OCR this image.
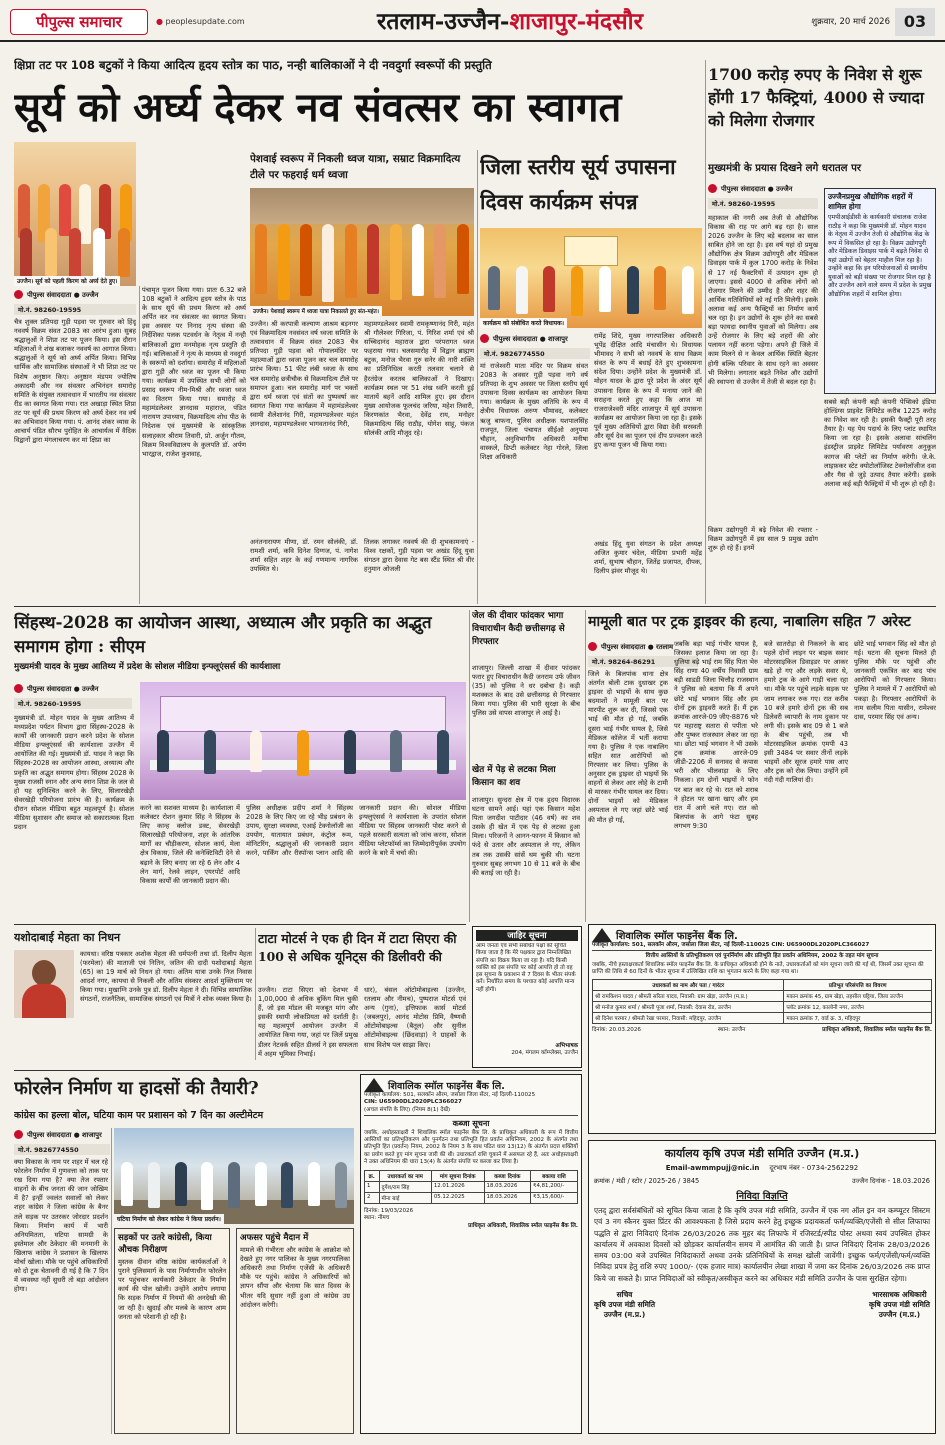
पीपुल्स समाचार	● peoplesupdate.com	रतलाम-उज्जैन-शाजापुर-मंदसौर	शुक्रवार, 20 मार्च 2026 03
क्षिप्रा तट पर 108 बटुकों ने किया आदित्य हृदय स्तोत्र का पाठ, नन्ही बालिकाओं ने दी नवदुर्गा स्वरूपों की प्रस्तुति
सूर्य को अर्घ्य देकर नव संवत्सर का स्वागत
उज्जैन। सूर्य को पहली किरण को अर्घ्य देते हुए।
पीपुल्स संवाददाता ● उज्जैन
मो.नं. 98260-19595
चैत्र शुक्ल प्रतिपदा गुड़ी पड़वा पर गुरुवार को हिंदू नववर्ष विक्रम संवत 2083 का आरंभ हुआ। सुबह श्रद्धालुओं ने शिप्रा तट पर पूजन किया। इस दौरान महिलाओं ने शंख बजाकर नववर्ष का आगाज किया। श्रद्धालुओं ने सूर्य को अर्घ्य अर्पित किया। विभिन्न धार्मिक और सामाजिक संस्थाओं ने भी शिप्रा तट पर विशेष अनुष्ठान किए। अनुष्ठान मंडपम ज्योतिष अकादमी और नव संवत्सर अभिनंदन समारोह समिति के संयुक्त तत्वावधान में भारतीय नव संवत्सर रीड का स्वागत किया गया। रात अखाड़ा स्थित शिप्रा तट पर सूर्य की प्रथम किरण को अर्घ्य देकर नव वर्ष का अभिवादन किया गया। पं. आनंद शंकर व्यास के आचार्य पंडित सौरभ पुरोहित के आचार्यत्व में वैदिक विद्वानों द्वारा मंगलाचरण कर मां क्षिप्रा का
पंचामृत पूजन किया गया। प्रातः 6.32 बजे 108 बटुकों ने आदित्य हृदय स्तोत्र के पाठ के साथ सूर्य की प्रथम किरण को अर्घ्य अर्पित कर नव संवत्सर का स्वागत किया। इस अवसर पर निनाद नृत्य संस्था की निर्देशिका पलक पटवर्धन के नेतृत्व में नन्ही बालिकाओं द्वारा मनमोहक नृत्य प्रस्तुति दी गई। बालिकाओं ने नृत्य के माध्यम से नवदुर्गा के स्वरूपों को दर्शाया। समारोह में महिलाओं द्वारा गुड़ी और ध्वज का पूजन भी किया गया। कार्यक्रम में उपस्थित सभी लोगों को प्रसाद स्वरूप नीम-मिश्री और ध्वजा ध्वज का वितरण किया गया। समारोह में महामंडलेश्वर ज्ञानदास महाराज, पंडित नारायण उपाध्याय, विक्रमादित्य शोध पीठ के निदेशक एवं मुख्यमंत्री के सांस्कृतिक सलाहकार श्रीराम तिवारी, प्रो. अर्जुन गौतम, विक्रम विश्वविद्यालय के कुलपति डॉ. अर्पण भारद्वाज, राजेश कुशवाह,
पेशवाई स्वरूप में निकली ध्वज यात्रा, सम्राट विक्रमादित्य टीले पर फहराई धर्म ध्वजा
उज्जैन। पेशवाई स्वरूप में ध्वजा यात्रा निकालते हुए संत-महंत।
उज्जैन। श्री करपात्री कल्याण आश्रम बड़नगर एवं विक्रमादित्य नवसंवत वर्ष ध्वजा समिति के तत्वावधान में विक्रम संवत 2083 चैत्र प्रतिपदा गुड़ी पड़वा को गोपालमंदिर पर महात्माओं द्वारा ध्वजा पूजन कर चल समारोह प्रारंभ किया। 51 फीट लंबी ध्वजा के साथ चल समारोह छत्रीचौक से विक्रमादित्य टीले पर समापन हुआ। चल समारोह मार्ग पर भक्तों द्वारा धर्म ध्वजा एवं संतों का पुष्पवर्षा कर स्वागत किया गया कार्यक्रम में महामंडलेश्वर स्वामी शैलेशानंद गिरी, महामण्डलेश्वर महंत ज्ञानदास, महामण्डलेश्वर भागवतानंद गिरी,
महामण्डलेश्वर स्वामी रामकृष्णानंद गिरी, महंत श्री गौलेश्वर गिरिजा, पं. गिरिश शर्मा एवं श्री सच्चिदानंद महाराज द्वारा परंपरागत ध्वज फहराया गया। चलसमारोह में विद्वान ब्राह्मण बटुक, मनोज भैरवा गुरु सनेर की नारी शक्ति का प्रतिनिधित्व करती तलवार चलाने से हैरतंग्रेज करतब बालिकाओं ने दिखाए। कार्यक्रम स्थल पर 51 शंख ध्वनि करती हुई मातायें बहनें आदि शामिल हुए। इस दौरान मुख्य आयोजक फूलचंद जरिया, महेश तिवारी, किरणकांत भैरवा, देवेंद्र राय, मनोहर विक्रमादित्य सिंह राठौड़, योगेश साहू, पंकज सोलंकी आदि मौजूद रहे।
अनंतनारायण मीणा, डॉ. रमन सोलंकी, डॉ. रामशी शर्मा, कवि दिनेश दिग्गज, पं. नागेश शर्मा सहित शहर के कई गणमान्य नागरिक उपस्थित थे।
तिलक लगाकर नववर्ष की दी शुभकामनाएं - विश्व रक्षकों, गुड़ी पड़वा पर अखंड हिंदू युवा संगठन द्वारा देवास गेट बस स्टैंड स्थित श्री वीर हनुमान ओजली
जिला स्तरीय सूर्य उपासना
दिवस कार्यक्रम संपन्न
कार्यक्रम को संबोधित करते विधायक।
पीपुल्स संवाददाता ● शाजापुर
मो.नं. 9826774550
मां राजेश्वरी माता मंदिर पर विक्रम संवत 2083 के अवसर गुड़ी पड़वा नागे वर्ष प्रतिपदा के शुभ अवसर पर जिला स्तरीय सूर्य उपासना दिवस कार्यक्रम का आयोजन किया गया। कार्यक्रम के मुख्य अतिथि के रूप में क्षेत्रीय विधायक अरुण भीमावद, कलेक्टर ऋजु बाफना, पुलिस अधीक्षक यशपालसिंह राजपूत, जिला पंचायत सीईओ अनुपमा चौहान, अनुविभागीय अधिकारी मनीषा वास्कले, डिप्टी कलेक्टर नेहा गोरले, जिला शिक्षा अधिकारी
रामेंद्र शिंदे, मुख्य नगरपालिका अधिकारी भूपेंद्र दीक्षित आदि मंचासीन थे। विधायक भीमावद ने सभी को नववर्ष के साथ विक्रम संवत के रूप में बधाई देते हुए शुभकामना संदेश दिया। उन्होंने प्रदेश के मुख्यमंत्री डॉ. मोहन यादव के द्वारा पूरे प्रदेश के अंदर सूर्य उपासना दिवस के रूप में मनाया जाने की सराहना करते हुए कहा कि आज मां राजराजेश्वरी मंदिर शाजापुर में सूर्य उपासना कार्यक्रम का आयोजन किया जा रहा है। इसके पूर्व मुख्य अतिथियों द्वारा विद्या देवी सरस्वती और सूर्य देव का पूजन एवं दीप प्रज्वलन करते हुए कन्या पूजन भी किया गया।
अखंड हिंदू युवा संगठन के प्रदेश अध्यक्ष अजित कुमार चंदेल, मीडिया प्रभारी महेंद्र शर्मा, सुभाष चौहान, जितेंद्र प्रजापत, दीपक, दिलीप झंवर मौजूद थे।
1700 करोड़ रुपए के निवेश से शुरू होंगी 17 फैक्ट्रियां, 4000 से ज्यादा को मिलेगा रोजगार
मुख्यमंत्री के प्रयास दिखने लगे धरातल पर
पीपुल्स संवाददाता ● उज्जैन
मो.नं. 98260-19595
उज्जैनप्रमुख औद्योगिक शहरों में शामिल होगा
एमपीआईडीसी के कार्यकारी संचालक राजेश राठौड़ ने कहा कि मुख्यमंत्री डॉ. मोहन यादव के नेतृत्व में उज्जैन तेजी से औद्योगिक केंद्र के रूप में विकसित हो रहा है। विक्रम उद्योगपुरी और मेडिकल डिवाइस पार्क में बढ़ते निवेश से यहां उद्योगों को बेहतर माहौल मिल रहा है। उन्होंने कहा कि इन परियोजनाओं से स्थानीय युवाओं को बड़ी संख्या पर रोजगार मिल रहा है और उज्जैन आने वाले समय में प्रदेश के प्रमुख औद्योगिक शहरों में शामिल होगा।
महाकाल की नगरी अब तेजी से औद्योगिक विकास की राह पर आगे बढ़ रहा है। साल 2026 उज्जैन के लिए बड़े बदलाव का साल साबित होने जा रहा है। इस वर्ष यहां दो प्रमुख औद्योगिक क्षेत्र विक्रम उद्योगपुरी और मेडिकल डिवाइस पार्क में कुल 1700 करोड़ के निवेश से 17 नई फैक्टरियों में उत्पादन शुरू हो जाएगा। इससे 4000 से अधिक लोगों को रोजगार मिलने की उम्मीद है और शहर की आर्थिक गतिविधियों को नई गति मिलेगी। इसके अलावा कई अन्य फैक्ट्रियों का निर्माण कार्य चल रहा है। इन उद्योगों के शुरू होने का सबसे बड़ा फायदा स्थानीय युवाओं को मिलेगा। अब उन्हें रोजगार के लिए बड़े शहरों की ओर पलायन नहीं करना पड़ेगा। अपने ही जिले में काम मिलने से न केवल आर्थिक स्थिति बेहतर होगी बल्कि परिवार के साथ रहने का अवसर भी मिलेगा। लगातार बढ़ते निवेश और उद्योगों की स्थापना से उज्जैन में तेजी से बदल रहा है।
सबसे बड़ी कंपनी बड़ी कंपनी पेप्सिको इंडिया होल्डिंग्स प्राइवेट लिमिटेड करीब 1225 करोड़ का निवेश कर रही है। इसकी फैक्ट्री पूरी तरह तैयार है। यह पेय पदार्थ के लिए प्लांट स्थापित किया जा रहा है। इसके अलावा सांचलिंग इंडस्ट्रीज प्राइवेट लिमिटेड पर्यावरण अनुकूल कागज की प्लेटों का निर्माण करेगी। जे.के. लाइफ़कर स्टेट क्योटोलॉजिस्ट टेक्नोलॉजीज दवा और गैस से जुड़े उत्पाद तैयार करेगी। इसके अलावा कई बड़ी फैक्ट्रियों में भी शुरू हो रही है।
विक्रम उद्योगपुरी में बढ़े निवेश की रफ्तार - विक्रम उद्योगपुरी में इस साल 9 प्रमुख उद्योग शुरू हो रहे हैं। इनमें
सिंहस्थ-2028 का आयोजन आस्था, अध्यात्म और प्रकृति का अद्भुत समागम होगा : सीएम
मुख्यमंत्री यादव के मुख्य आतिथ्य में प्रदेश के सोशल मीडिया इन्फ्लूएंसर्स की कार्यशाला
पीपुल्स संवाददाता ● उज्जैन
मो.नं. 98260-19595
मुख्यमंत्री डॉ. मोहन यादव के मुख्य आतिथ्य में मध्यप्रदेश पर्यटन विभाग द्वारा सिंहस्थ-2028 के कार्यों की जानकारी प्रदान करने प्रदेश के सोशल मीडिया इन्फ्लूएंसर्स की कार्यशाला उज्जैन में आयोजित की गई। मुख्यमंत्री डॉ. यादव ने कहा कि सिंहस्थ-2028 का आयोजन आस्था, अध्यात्म और प्रकृति का अद्भुत समागम होगा। सिंहस्थ 2028 के मुख्य राजसी स्नान और अन्य स्नान शिप्रा के जल से हो यह सुनिश्चित करने के लिए, सिलारखेड़ी सेवरखेड़ी परियोजना प्रारंभ की है। कार्यक्रम के दौरान सोशल मीडिया बहुत महत्वपूर्ण है। सोशल मीडिया सुशासन और समाज को सकारात्मक दिशा प्रदान
करने का सशक्त माध्यम है। कार्यशाला में कलेक्टर रोशन कुमार सिंह ने सिंहस्थ के लिए कान्ह क्लोज डक्ट, सेवरखेड़ी सिलारखेड़ी परियोजना, शहर के आंतरिक मार्गों का चौड़ीकरण, सोशल कार्य, मेला क्षेत्र विकास, जिले की कनेक्टिविटी देने से बढ़ाने के लिए बनाए जा रहे 6 लेन और 4 लेन मार्ग, रेलवे लाइन, एयरपोर्ट आदि विकास कार्यों की जानकारी प्रदान की।
पुलिस अधीक्षक प्रदीप शर्मा ने सिंहस्थ 2028 के लिए किए जा रहे भीड़ प्रबंधन के उपाय, सुरक्षा व्यवस्था, एआई टेक्नोलॉजी का उपयोग, यातायात प्रबंधन, कंट्रोल रूम, मॉनिटरिंग, श्रद्धालुओं की जानकारी प्रदान करने, पार्किंग और रीस्पॉन्स प्लान आदि की जानकारी प्रदान की। सोशल मीडिया इन्फ्लुएंसर्स ने कार्यशाला के उपरांत सोशल मीडिया पर सिंहस्थ जानकारी पोस्ट करने से पहले सरकारी सत्यता को जांच करना, सोशल मीडिया प्लेटफॉर्म्स का जिम्मेदारीपूर्वक उपयोग करने के बारे में चर्चा की।
जेल की दीवार फांदकर भागा विचाराधीन कैदी छत्तीसगढ़ से गिरफ्तार
शाजापुर। जिल्ली शाखा में दीवार फांदकर फरार हुए विचाराधीन कैदी जनराम उर्फ जीवन (35) को पुलिस ने धर दबोचा है। कड़ी मशक्कत के बाद उसे छत्तीसगढ़ से गिरफ्तार किया गया। पुलिस की भारी सुरक्षा के बीच पुलिस उसे वापस शाजापुर ले आई है।
खेत में पेड़ से लटका मिला किसान का शव
शाजापुर। सुन्दरा क्षेत्र में एक हृदय विदारक घटना सामने आई। यहां एक किसान महेश पिता जगदीश पाटीदार (46 वर्ष) का शव उसके ही खेत में एक पेड़ से लटका हुआ मिला। परिजनों ने आनन-फानन में किसान को फंदे से उतार और अस्पताल ले गए, लेकिन तब तक उसकी सांसें थम चुकी थी। घटना गुरुवार सुबह लगभग 10 से 11 बजे के बीच की बताई जा रही है।
मामूली बात पर ट्रक ड्राइवर की हत्या, नाबालिग सहित 7 अरेस्ट
पीपुल्स संवाददाता ● रतलाम
मो.नं. 98264-86291
जिले के बिलपांक थाना क्षेत्र अंतर्गत बोली टाक दुधाखर ट्रक ड्राइवर दो भाइयों के साथ कुछ बदमाशों ने मामूली बात पर मारपीट शुरू कर दी, जिससे एक भाई की मौत हो गई, जबकि दूसरा भाई गंभीर घायल है, जिसे मेडिकल कॉलेज में भर्ती कराया गया है। पुलिस ने एक नाबालिग सहित सात आरोपियों को गिरफ्तार कर लिया। पुलिस के अनुसार ट्रक ड्राइवर दो भाइयों कि वाहनों से लेकर आर लोहे के टामी से मारकर गंभीर घायल कर दिया। दोनों भाइयों को मेडिकल अस्पताल ले गए जहां छोटे भाई की मौत हो गई,
जबकि बड़ा भाई गंभीर घायल है, जिसका इलाज किया जा रहा है। धुलिया बढ़े भाई राम सिंह पिता भेरु सिंह राणा 40 वर्षीय निवासी ग्राम बड़ी साडडी जिला चित्तौड़ राजस्थान ने पुलिस को बताया कि मैं अपने छोटे भाई भगवान सिंह और हम दोनों ट्रक ड्राइवरी करते हैं। मैं ट्रक क्रमांक आरजे-09 जीए-8876 भरे पर महाराष्ट्र सतारा से पपीता भरे और पुष्कर राजस्थान लेकर जा रहा था। छोटा भाई भगवान ने भी उसके ट्रक क्रमांक आरजे-09 जीडी-2206 में सनावद से कपास भरी और भीलवाड़ा के लिए निकला। हम दोनों भाइयों ने फोन पर बात कर रहे थे। रात को शराब ने होटल पर खाना खाए और हम रात में आगे चले गए। रात को बिलपांक के आगे फंटा सुबह लगभग 9:30
बजे सातरोड़ा से निकलने के बाद पहले दोनों लाइन पर बाइक सवार मोटरसाइकिल डिवाइडर पर आकर खड़े हो गए और लड़के सवार थे, हमारे ट्रक के आगे गाड़ी चला रहा था। मौके पर पहुंचे लड़के सड़क पर जाम लगाकर रुक गए। रात करीब 10 बजे हमारे दोनों ट्रक की सब डिलेवरी व्यापारी के नाम दुकान पर लगी थी। इसके बाद 09 से 1 बजे के बीच पहुंची, तब भी मोटरसाइकिल क्रमांक एमपी 43 इसी 3484 पर सवार तीनों लड़के भाइयों और सूरज हमारे पास आए और ट्रक को रोक लिया। उन्होंने हमें गंदी गंदी गालियां दी।
छोटे भाई भगवान सिंह को मौत हो गई। घटना की सूचना मिलते ही पुलिस मौके पर पहुंची और जानकारी एकत्रित कर बाद पांच आरोपियों को गिरफ्तार किया। पुलिस ने मामले में 7 आरोपियों को पकड़ा है। गिरफ्तार आरोपियों के नाम सलीम पिता यासीन, रामेश्वर दास, परमार सिंह एवं अन्य।
यशोदाबाई मेहता का निधन
कायथा। वरिष्ठ पत्रकार अशोक मेहता की धर्मपत्नी तथा डॉ. दिलीप मेहता (फरमेला) की माताजी एवं नितिन, जतिन की दादी यशोदाबाई मेहता (65) का 19 मार्च को निधन हो गया। अंतिम यात्रा उनके निज निवास आदर्श नगर, कायथा से निकली और अंतिम संस्कार आदर्श मुक्तिधाम पर किया गया। मुखाग्नि उनके पुत्र डॉ. दिलीप मेहता ने दी। विभिन्न सामाजिक संगठनों, राजनैतिक, सामाजिक संगठनों एवं मित्रों ने शोक व्यक्त किया है।
टाटा मोटर्स ने एक ही दिन में टाटा सिएरा की 100 से अधिक यूनिट्स की डिलीवरी की
उज्जैन। टाटा सिएरा को देशभर में 1,00,000 से अधिक बुकिंग मिल चुकी हैं, जो इस मॉडल की मजबूत मांग और इसकी स्थायी लोकप्रियता को दर्शाती है। यह महत्वपूर्ण आयोजन उज्जैन में आयोजित किया गया, जहां पर जिलें प्रमुख डीलर नेटवर्क सहित डीलर्स ने इस सफलता में अहम भूमिका निभाई।
धार), बंसल ऑटोमोबाइल्स (उज्जैन, रतलाम और नीमच), पुष्पराज मोटर्स एवं अन्य (गुना), इत्तिफाक कार्स मोटर्स (जबलपुर), आनंद मोटोस प्रिमि, वैष्णवी ऑटोमोबाइल्स (बैतूल) और सुनील ऑटोमोबाइल्स (छिंदवाड़ा) ने ग्राहकों के साथ विशेष पल साझा किए।
जाहिर सूचना
आम जनता एवं सभी संबंधित पक्षों को सूचित किया जाता है कि मेरे पक्षकार द्वारा निम्नलिखित संपत्ति का विक्रय किया जा रहा है। यदि किसी व्यक्ति को इस संपत्ति पर कोई आपत्ति हो तो वह इस सूचना के प्रकाशन से 7 दिवस के भीतर संपर्क करें। निर्धारित समय के पश्चात कोई आपत्ति मान्य नहीं होगी।
अभिभाषक
204, मंगलम कॉम्प्लेक्स, उज्जैन
शिवालिक स्मॉल फाइनेंस बैंक लि.
पंजीकृत कार्यालय: 501, सलकॉन औरम, जसोला जिला सेंटर, नई दिल्ली-110025 CIN: U65900DL2020PLC366027
वित्तीय आस्तियों के प्रतिभूतिकरण एवं पुनर्निर्माण और प्रतिभूति हित प्रवर्तन अधिनियम, 2002 के तहत मांग सूचना
जबकि, नीचे हस्ताक्षरकर्ता शिवालिक स्मॉल फाइनेंस बैंक लि. के प्राधिकृत अधिकारी होने के नाते, उधारकर्ताओं को मांग सूचना जारी की गई थी, जिसमें उक्त सूचना की प्राप्ति की तिथि से 60 दिनों के भीतर सूचना में उल्लिखित राशि का भुगतान करने के लिए कहा गया था।
उधारकर्ता का नाम और पता / गारंटर	प्रतिभूत परिसंपत्ति का विवरण
श्री रामकिशन यादव / श्रीमती सरिता यादव, निवासी: ग्राम खेड़ा, उज्जैन (म.प्र.)	मकान क्रमांक 45, ग्राम खेड़ा, तहसील घट्टिया, जिला उज्जैन
श्री मनोज कुमार शर्मा / श्रीमती पूजा शर्मा, निवासी: देवास रोड, उज्जैन	प्लॉट क्रमांक 12, कालोनी नगर, उज्जैन
श्री दिनेश परमार / श्रीमती रेखा परमार, निवासी: महिदपुर, उज्जैन	मकान क्रमांक 7, वार्ड क्र. 3, महिदपुर
दिनांक: 20.03.2026	स्थान: उज्जैन	प्राधिकृत अधिकारी, शिवालिक स्मॉल फाइनेंस बैंक लि.
फोरलेन निर्माण या हादसों की तैयारी?
कांग्रेस का हल्ला बोल, घटिया काम पर प्रशासन को 7 दिन का अल्टीमेटम
पीपुल्स संवाददाता ● शाजापुर
मो.नं. 9826774550
क्या विकास के नाम पर शहर में चल रहे फोरलेन निर्माण में गुणवत्ता को ताक पर रख दिया गया है? क्या तेज रफ्तार वाहनों के बीच जनता की जान जोखिम में है? इन्हीं ज्वलंत सवालों को लेकर शहर कांग्रेस ने जिला कांग्रेस के बैनर तले सड़क पर उतरकर जोरदार प्रदर्शन किया। निर्माण कार्य में भारी अनियमितता, घटिया सामग्री के इस्तेमाल और ठेकेदार की मनमानी के खिलाफ कांग्रेस ने प्रशासन के खिलाफ मोर्चा खोला। मौके पर पहुंचे अधिकारियों को दो टूक चेतावनी दी गई है कि 7 दिन में व्यवस्था नहीं सुधरी तो बड़ा आंदोलन होगा।
घटिया निर्माण को लेकर कांग्रेस ने किया प्रदर्शन।
सड़कों पर उतरे कांग्रेसी, किया औचक निरीक्षण
मुस्तक दीवान वरिष्ठ कांग्रेस कार्यकर्ताओं ने पुराने पुलिसमार्ग के पास निर्माणाधीन फोरलेन पर पहुंचकर कार्यकारी ठेकेदार के निर्माण कार्य की पोल खोली। उन्होंने आरोप लगाया कि सड़क निर्माण में नियमों की अनदेखी की जा रही है। खुदाई और मलबे के कारण आम जनता को परेशानी हो रही है।
अफसर पहुंचे मैदान में
मामले की गंभीरता और कांग्रेस के आक्रोश को देखते हुए नगर पालिका के मुख्य नगरपालिका अधिकारी तथा निर्माण एजेंसी के अधिकारी मौके पर पहुंचे। कांग्रेस ने अधिकारियों को ज्ञापन सौंपा और चेताया कि सात दिवस के भीतर यदि सुधार नहीं हुआ तो कांग्रेस उग्र आंदोलन करेगी।
शिवालिक स्मॉल फाइनेंस बैंक लि.
पंजीकृत कार्यालय: 501, सलकॉन औरम, जसोला जिला सेंटर, नई दिल्ली-110025
CIN: U65900DL2020PLC366027
(अचल संपत्ति के लिए) (नियम 8(1) देखें)
कब्जा सूचना
जबकि, अधोहस्ताक्षरी ने शिवालिक स्मॉल फाइनेंस बैंक लि. के प्राधिकृत अधिकारी के रूप में वित्तीय आस्तियों का प्रतिभूतिकरण और पुनर्गठन तथा प्रतिभूति हित प्रवर्तन अधिनियम, 2002 के अंतर्गत तथा प्रतिभूति हित (प्रवर्तन) नियम, 2002 के नियम 3 के साथ पठित धारा 13(12) के अंतर्गत प्रदत्त शक्तियों का प्रयोग करते हुए मांग सूचना जारी की थी। उधारकर्ता राशि चुकाने में असफल रहे हैं, अतः अधोहस्ताक्षरी ने उक्त अधिनियम की धारा 13(4) के अंतर्गत संपत्ति पर कब्जा कर लिया है।
क्र.	उधारकर्ता का नाम	मांग सूचना दिनांक	कब्जा दिनांक	बकाया राशि
1	दुर्गेश/राम सिंह	12.01.2026	18.03.2026	₹4,81,200/-
2	मीना बाई	05.12.2025	18.03.2026	₹3,15,600/-
दिनांक: 19/03/2026
स्थान: नीमच
प्राधिकृत अधिकारी, शिवालिक स्मॉल फाइनेंस बैंक लि.
कार्यालय कृषि उपज मंडी समिति उज्जैन (म.प्र.)
Email-awmmpujj@nic.in दूरभाष नंबर - 0734-2562292
क्रमांक / मंडी / स्टोर / 2025-26 / 3845	उज्जैन दिनांक - 18.03.2026
निविदा विज्ञप्ति
एतद् द्वारा सर्वसंबंधितों को सूचित किया जाता है कि कृषि उपज मंडी समिति, उज्जैन में एक नग ऑल इन वन कम्प्यूटर सिस्टम एवं 3 नग स्कैनर युक्त प्रिंटर की आवश्यकता है जिसे प्रदाय करने हेतु इच्छुक प्रदायकर्ता फर्म/व्यक्ति/एजेंसी से सील लिफाफा पद्धति से द्वारा निविदाएं दिनांक 26/03/2026 तक मुहर बंद लिफाफे में रजिस्टर्ड/स्पीड पोस्ट अथवा स्वयं उपस्थित होकर कार्यालय में अवकाश दिवसों को छोड़कर कार्यालयीन समय में आमंत्रित की जाती है। प्राप्त निविदाएं दिनांक 28/03/2026 समय 03:00 बजे उपस्थित निविदाकारों अथवा उनके प्रतिनिधियों के समक्ष खोली जावेंगी। इच्छुक फर्म/एजेंसी/फर्म/व्यक्ति निविदा प्रपत्र हेतु राशि रुपए 1000/- (एक हजार मात्र) कार्यालयीन लेखा शाखा में जमा कर दिनांक 26/03/2026 तक प्राप्त किये जा सकते है। प्राप्त निविदाओं को स्वीकृत/अस्वीकृत करने का अधिकार मंडी समिति उज्जैन के पास सुरक्षित रहेगा।
सचिव
कृषि उपज मंडी समिति
उज्जैन (म.प्र.)
भारसाधक अधिकारी
कृषि उपज मंडी समिति
उज्जैन (म.प्र.)
